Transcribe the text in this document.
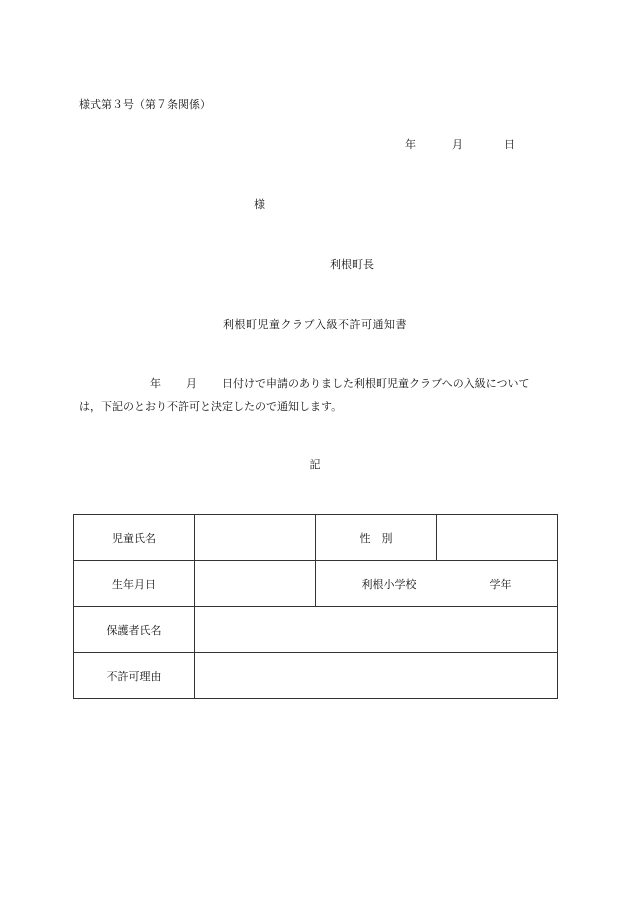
様式第３号（第７条関係）
年	月	日
様
利根町長
利根町児童クラブ入級不許可通知書
年 月 日付けで申請のありました利根町児童クラブへの入級について
は，下記のとおり不許可と決定したので通知します。
記
児童氏名		性　別	
生年月日		利根小学校 学年	
保護者氏名			
不許可理由			
